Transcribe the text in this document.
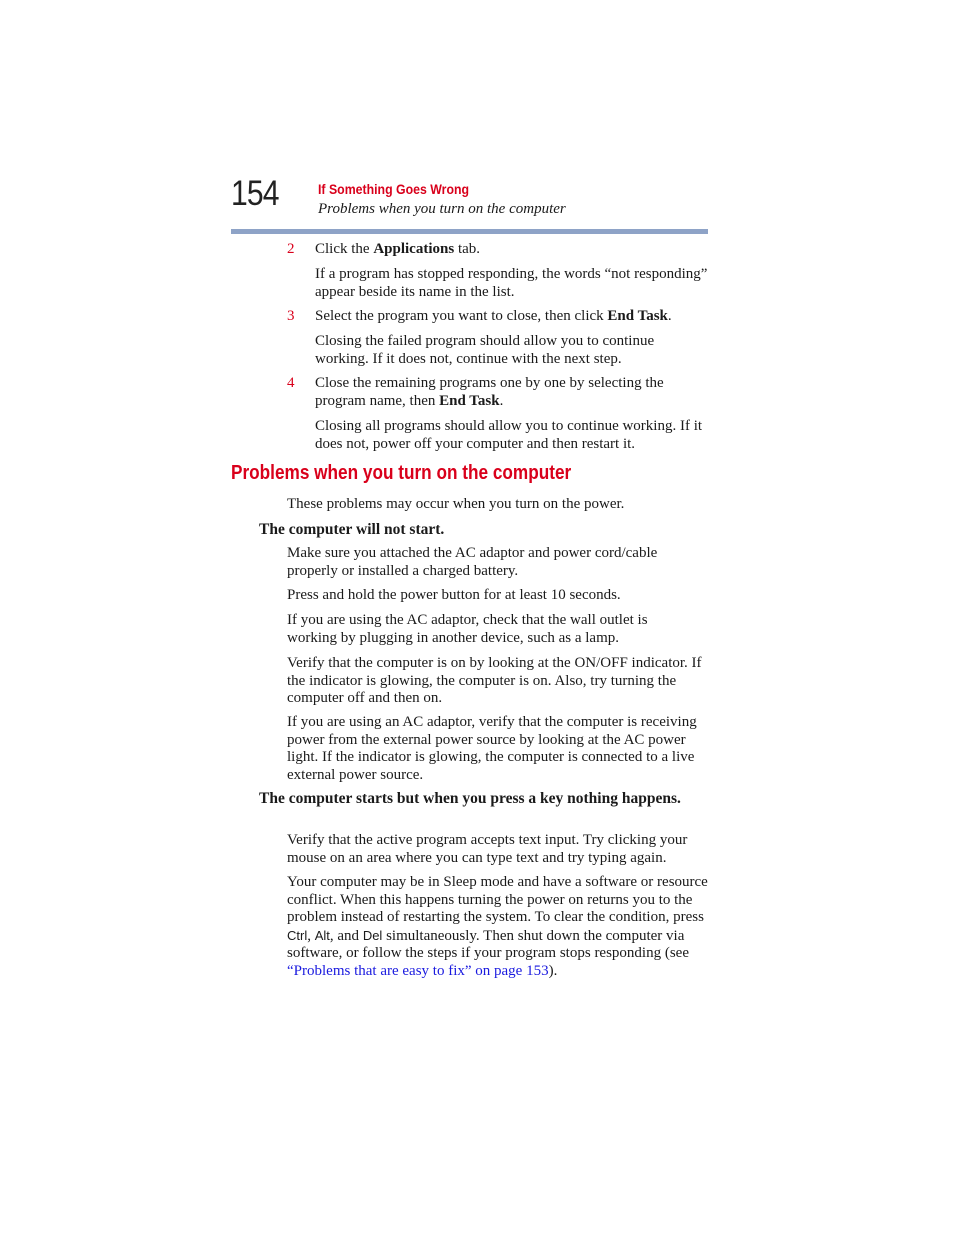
154	If Something Goes Wrong
Problems when you turn on the computer
2 Click the Applications tab.
If a program has stopped responding, the words “not responding” appear beside its name in the list.
3 Select the program you want to close, then click End Task.
Closing the failed program should allow you to continue working. If it does not, continue with the next step.
4 Close the remaining programs one by one by selecting the program name, then End Task.
Closing all programs should allow you to continue working. If it does not, power off your computer and then restart it.
Problems when you turn on the computer
These problems may occur when you turn on the power.
The computer will not start.
Make sure you attached the AC adaptor and power cord/cable properly or installed a charged battery.
Press and hold the power button for at least 10 seconds.
If you are using the AC adaptor, check that the wall outlet is working by plugging in another device, such as a lamp.
Verify that the computer is on by looking at the ON/OFF indicator. If the indicator is glowing, the computer is on. Also, try turning the computer off and then on.
If you are using an AC adaptor, verify that the computer is receiving power from the external power source by looking at the AC power light. If the indicator is glowing, the computer is connected to a live external power source.
The computer starts but when you press a key nothing happens.
Verify that the active program accepts text input. Try clicking your mouse on an area where you can type text and try typing again.
Your computer may be in Sleep mode and have a software or resource conflict. When this happens turning the power on returns you to the problem instead of restarting the system. To clear the condition, press Ctrl, Alt, and Del simultaneously. Then shut down the computer via software, or follow the steps if your program stops responding (see “Problems that are easy to fix” on page 153).
